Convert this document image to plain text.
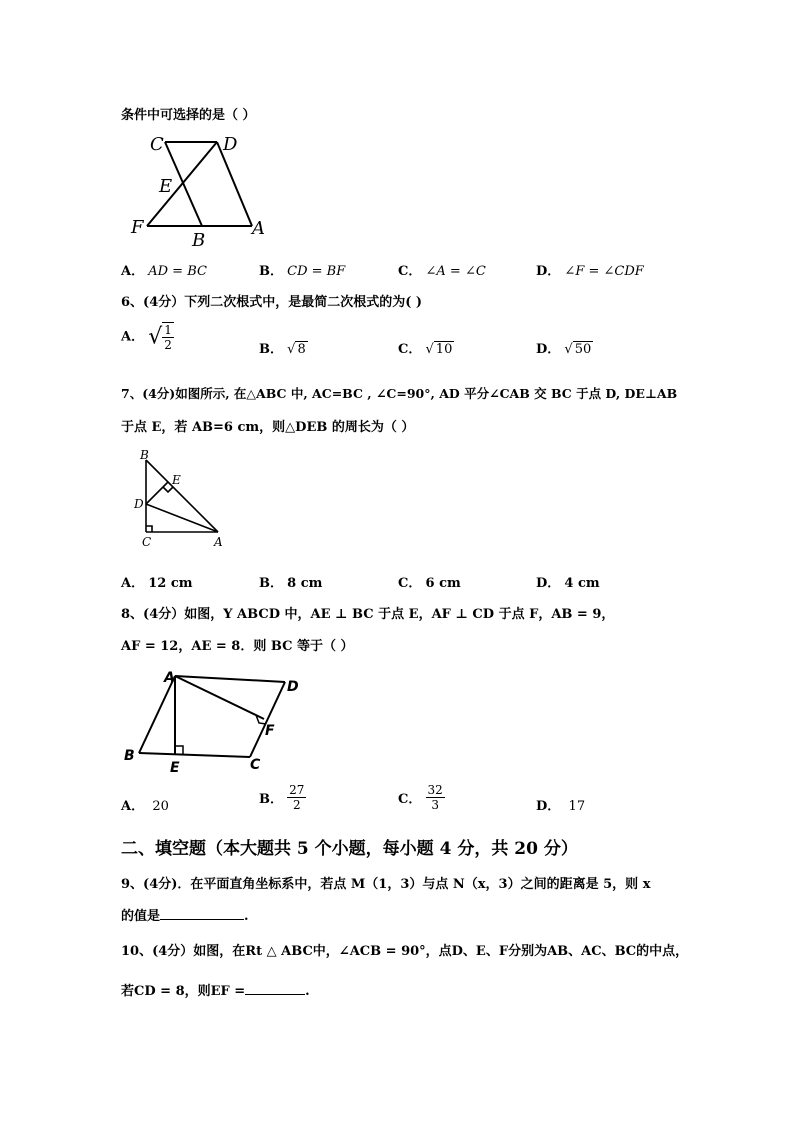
条件中可选择的是（ ）
C	D
E
F
B
A
A． AD = BC	B． CD = BF	C． ∠A = ∠C	D． ∠F = ∠CDF
6、(4分）下列二次根式中，是最简二次根式的为( )
A． √ $\frac{1}{2}$	B． √ 8	C． √ 10	D． √ 50
7、(4分)如图所示, 在△ABC 中, AC=BC , ∠C=90°, AD 平分∠CAB 交 BC 于点 D, DE⊥AB
于点 E，若 AB=6 cm，则△DEB 的周长为（ ）
B
E
D
C	A
A． 12 cm	B． 8 cm	C． 6 cm	D． 4 cm
8、(4分）如图，Y ABCD 中，AE ⊥ BC 于点 E，AF ⊥ CD 于点 F，AB = 9，
AF = 12，AE = 8．则 BC 等于（ ）
A
D
F
B
E	C
A． 20	B． $\frac{27}{2}$	C． $\frac{32}{3}$	D． 17
二、填空题（本大题共 5 个小题，每小题 4 分，共 20 分）
9、(4分)．在平面直角坐标系中，若点 M（1，3）与点 N（x，3）之间的距离是 5，则 x
的值是	.
10、(4分）如图，在Rt △ ABC中，∠ACB = 90°，点D、E、F分别为AB、AC、BC的中点，
若CD = 8，则EF =	.
